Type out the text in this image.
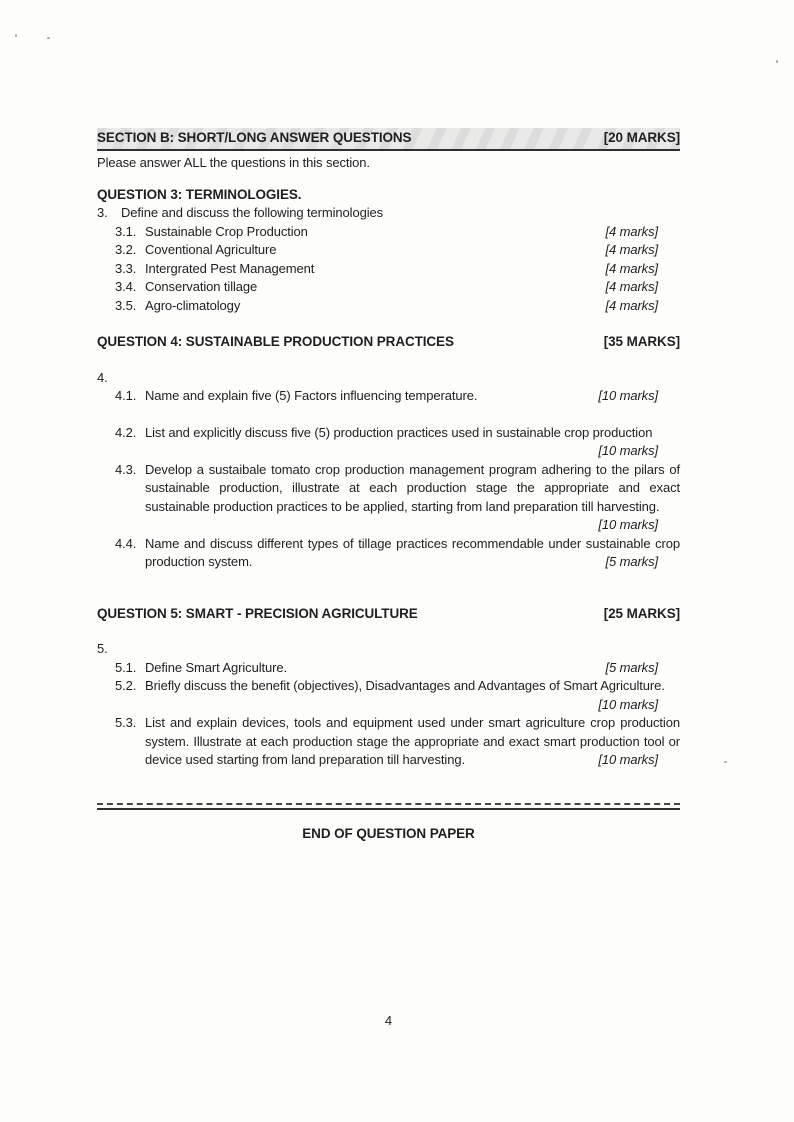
SECTION B: SHORT/LONG ANSWER QUESTIONS	[20 MARKS]
Please answer ALL the questions in this section.
QUESTION 3: TERMINOLOGIES.
3.	Define and discuss the following terminologies
3.1. Sustainable Crop Production	[4 marks]
3.2. Coventional Agriculture	[4 marks]
3.3. Intergrated Pest Management	[4 marks]
3.4. Conservation tillage	[4 marks]
3.5. Agro-climatology	[4 marks]
QUESTION 4: SUSTAINABLE PRODUCTION PRACTICES	[35 MARKS]
4.
4.1. Name and explain five (5) Factors influencing temperature.	[10 marks]
4.2. List and explicitly discuss five (5) production practices used in sustainable crop production
[10 marks]
4.3. Develop a sustaibale tomato crop production management program adhering to the pilars of sustainable production, illustrate at each production stage the appropriate and exact sustainable production practices to be applied, starting from land preparation till harvesting.
[10 marks]
4.4. Name and discuss different types of tillage practices recommendable under sustainable crop production system.	[5 marks]
QUESTION 5: SMART - PRECISION AGRICULTURE	[25 MARKS]
5.
5.1. Define Smart Agriculture.	[5 marks]
5.2. Briefly discuss the benefit (objectives), Disadvantages and Advantages of Smart Agriculture.
[10 marks]
5.3. List and explain devices, tools and equipment used under smart agriculture crop production system. Illustrate at each production stage the appropriate and exact smart production tool or device used starting from land preparation till harvesting.	[10 marks]
END OF QUESTION PAPER
4
